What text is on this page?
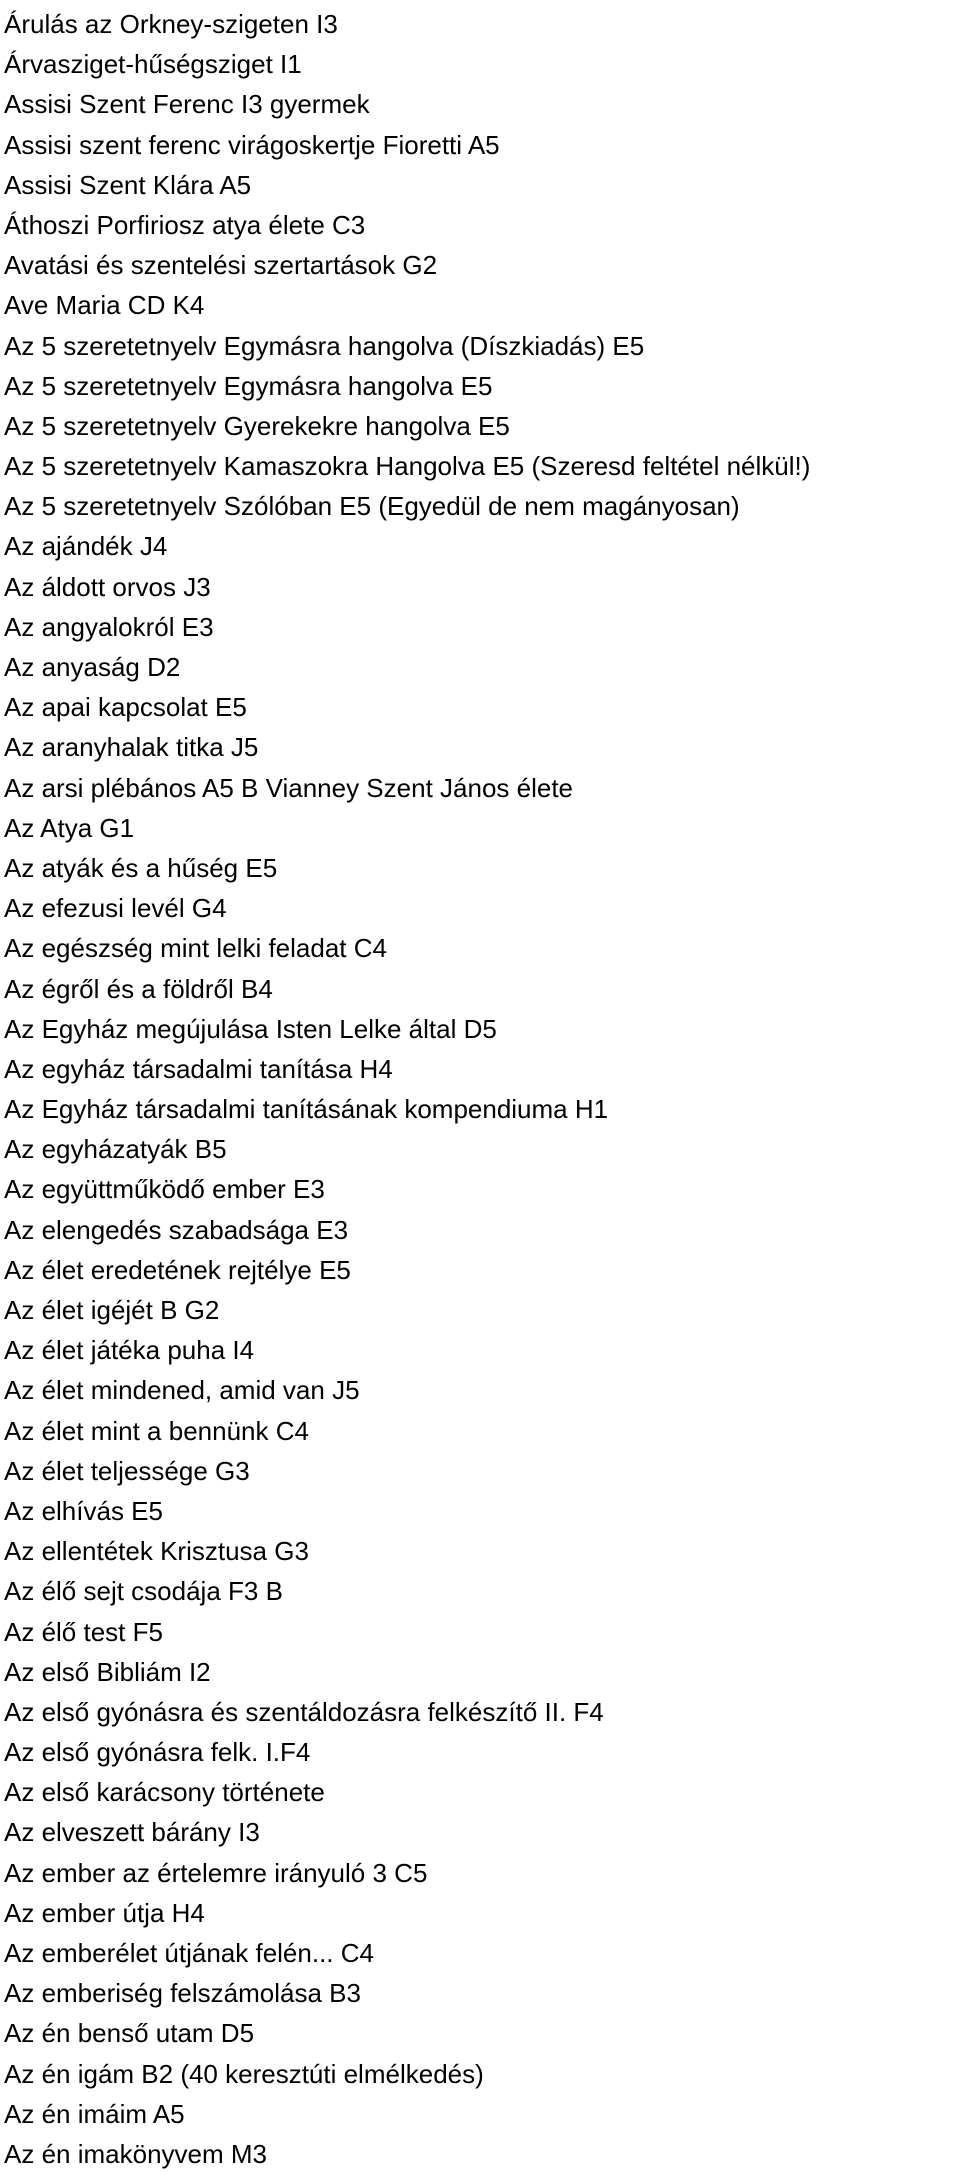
Árulás az Orkney-szigeten I3
Árvasziget-hűségsziget I1
Assisi Szent Ferenc I3 gyermek
Assisi szent ferenc virágoskertje Fioretti A5
Assisi Szent Klára A5
Áthoszi Porfiriosz atya élete C3
Avatási és szentelési szertartások G2
Ave Maria CD K4
Az 5 szeretetnyelv Egymásra hangolva (Díszkiadás) E5
Az 5 szeretetnyelv Egymásra hangolva E5
Az 5 szeretetnyelv Gyerekekre hangolva E5
Az 5 szeretetnyelv Kamaszokra Hangolva E5 (Szeresd feltétel nélkül!)
Az 5 szeretetnyelv Szólóban E5 (Egyedül de nem magányosan)
Az ajándék J4
Az áldott orvos J3
Az angyalokról E3
Az anyaság D2
Az apai kapcsolat E5
Az aranyhalak titka J5
Az arsi plébános A5 B Vianney Szent János élete
Az Atya G1
Az atyák és a hűség E5
Az efezusi levél G4
Az egészség mint lelki feladat C4
Az égről és a földről B4
Az Egyház megújulása Isten Lelke által D5
Az egyház társadalmi tanítása H4
Az Egyház társadalmi tanításának kompendiuma H1
Az egyházatyák B5
Az együttműködő ember E3
Az elengedés szabadsága E3
Az élet eredetének rejtélye E5
Az élet igéjét B G2
Az élet játéka puha I4
Az élet mindened, amid van J5
Az élet mint a bennünk C4
Az élet teljessége G3
Az elhívás E5
Az ellentétek Krisztusa G3
Az élő sejt csodája F3 B
Az élő test F5
Az első Bibliám I2
Az első gyónásra és szentáldozásra felkészítő II. F4
Az első gyónásra felk. I.F4
Az első karácsony története
Az elveszett bárány I3
Az ember az értelemre irányuló 3 C5
Az ember útja H4
Az emberélet útjának felén... C4
Az emberiség felszámolása B3
Az én benső utam D5
Az én igám B2 (40 keresztúti elmélkedés)
Az én imáim A5
Az én imakönyvem M3
